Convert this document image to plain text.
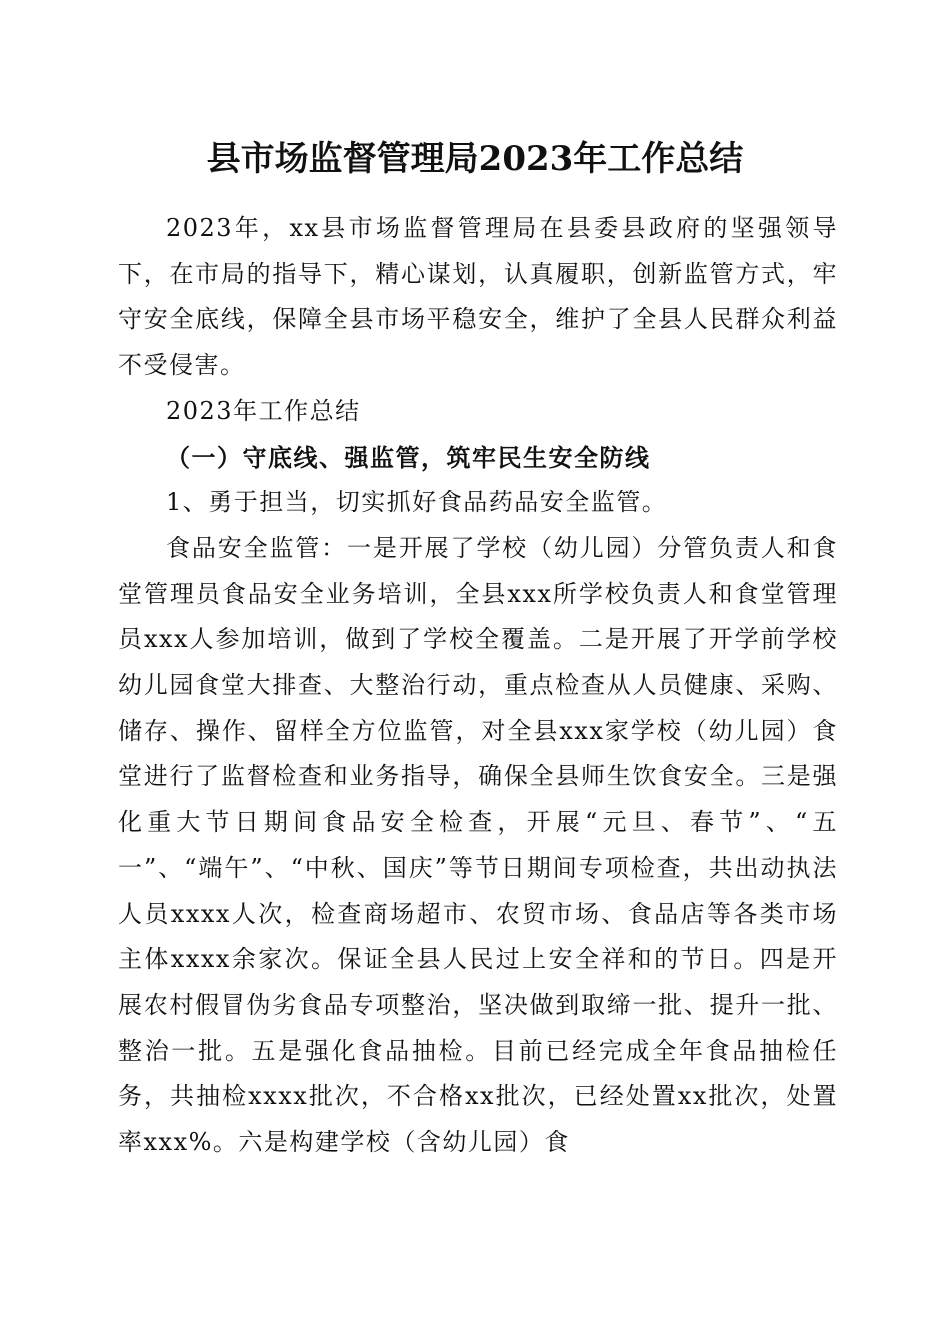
县市场监督管理局2023年工作总结

2023年，xx县市场监督管理局在县委县政府的坚强领导下，在市局的指导下，精心谋划，认真履职，创新监管方式，牢守安全底线，保障全县市场平稳安全，维护了全县人民群众利益不受侵害。

2023年工作总结

（一）守底线、强监管，筑牢民生安全防线

1、勇于担当，切实抓好食品药品安全监管。

食品安全监管：一是开展了学校（幼儿园）分管负责人和食堂管理员食品安全业务培训，全县xxx所学校负责人和食堂管理员xxx人参加培训，做到了学校全覆盖。二是开展了开学前学校幼儿园食堂大排查、大整治行动，重点检查从人员健康、采购、储存、操作、留样全方位监管，对全县xxx家学校（幼儿园）食堂进行了监督检查和业务指导，确保全县师生饮食安全。三是强化重大节日期间食品安全检查，开展“元旦、春节”、“五一”、“端午”、“中秋、国庆”等节日期间专项检查，共出动执法人员xxxx人次，检查商场超市、农贸市场、食品店等各类市场主体xxxx余家次。保证全县人民过上安全祥和的节日。四是开展农村假冒伪劣食品专项整治，坚决做到取缔一批、提升一批、整治一批。五是强化食品抽检。目前已经完成全年食品抽检任务，共抽检xxxx批次，不合格xx批次，已经处置xx批次，处置率xxx%。六是构建学校（含幼儿园）食
